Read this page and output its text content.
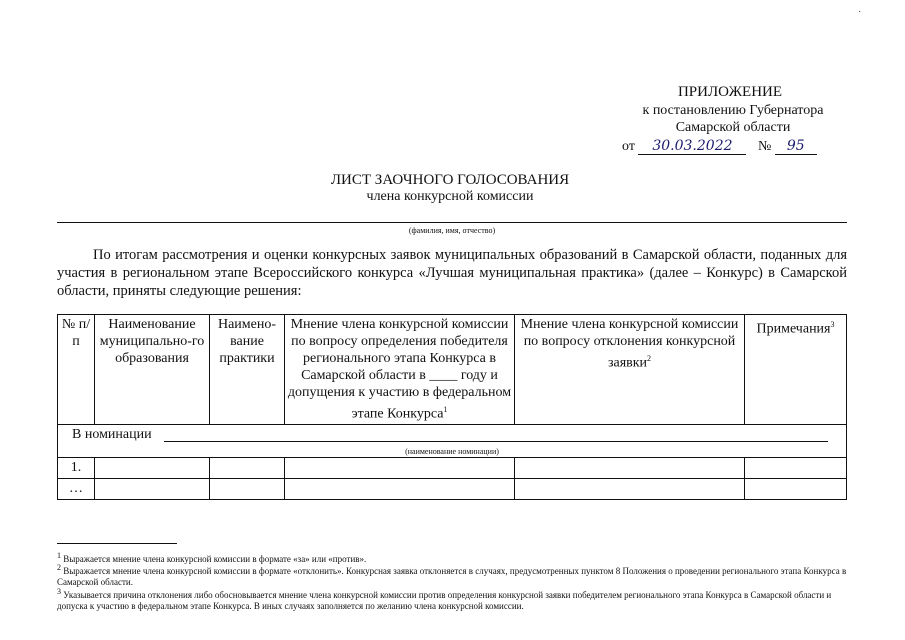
˙
ПРИЛОЖЕНИЕ
к постановлению Губернатора
Самарской области
от 30.03.2022 № 95
ЛИСТ ЗАОЧНОГО ГОЛОСОВАНИЯ
члена конкурсной комиссии
(фамилия, имя, отчество)
По итогам рассмотрения и оценки конкурсных заявок муниципальных образований в Самарской области, поданных для участия в региональном этапе Всероссийского конкурса «Лучшая муниципальная практика» (далее – Конкурс) в Самарской области, приняты следующие решения:
№ п/п	Наименование муниципально-го образования	Наимено-вание практики	Мнение члена конкурсной комиссии по вопросу определения победителя регионального этапа Конкурса в Самарской области в ____ году и допущения к участию в федеральном этапе Конкурса$^1$	Мнение члена конкурсной комиссии по вопросу отклонения конкурсной заявки$^2$	Примечания$^3$
В номинации
(наименование номинации)					

1.					
…					
$^1$ Выражается мнение члена конкурсной комиссии в формате «за» или «против».
$^2$ Выражается мнение члена конкурсной комиссии в формате «отклонить». Конкурсная заявка отклоняется в случаях, предусмотренных пунктом 8 Положения о проведении регионального этапа Конкурса в Самарской области.
$^3$ Указывается причина отклонения либо обосновывается мнение члена конкурсной комиссии против определения конкурсной заявки победителем регионального этапа Конкурса в Самарской области и допуска к участию в федеральном этапе Конкурса. В иных случаях заполняется по желанию члена конкурсной комиссии.
